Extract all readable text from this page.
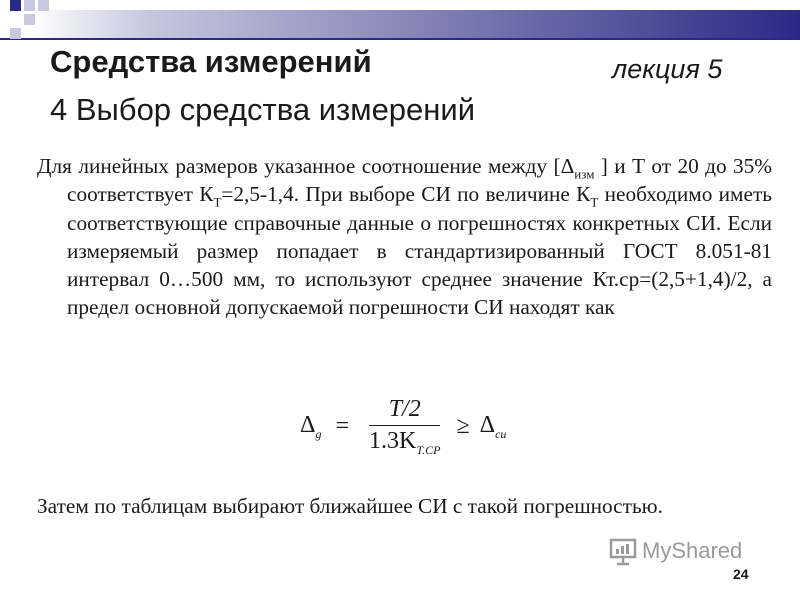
Средства измерений	лекция 5
4 Выбор средства измерений
Для линейных размеров указанное соотношение между [$\Delta_{изм}$ ] и Т от 20 до 35% соответствует $К_Т=2,5-1,4$. При выборе СИ по величине $К_Т$ необходимо иметь соответствующие справочные данные о погрешностях конкретных СИ. Если измеряемый размер попадает в стандартизированный ГОСТ 8.051-81 интервал 0…500 мм, то используют среднее значение Кт.ср=(2,5+1,4)/2, а предел основной допускаемой погрешности СИ находят как
$\Delta_g = \frac{T/2}{1.3K_{T.CP}} \ge \Delta_{си}$
Затем по таблицам выбирают ближайшее СИ с такой погрешностью.
MyShared
24
